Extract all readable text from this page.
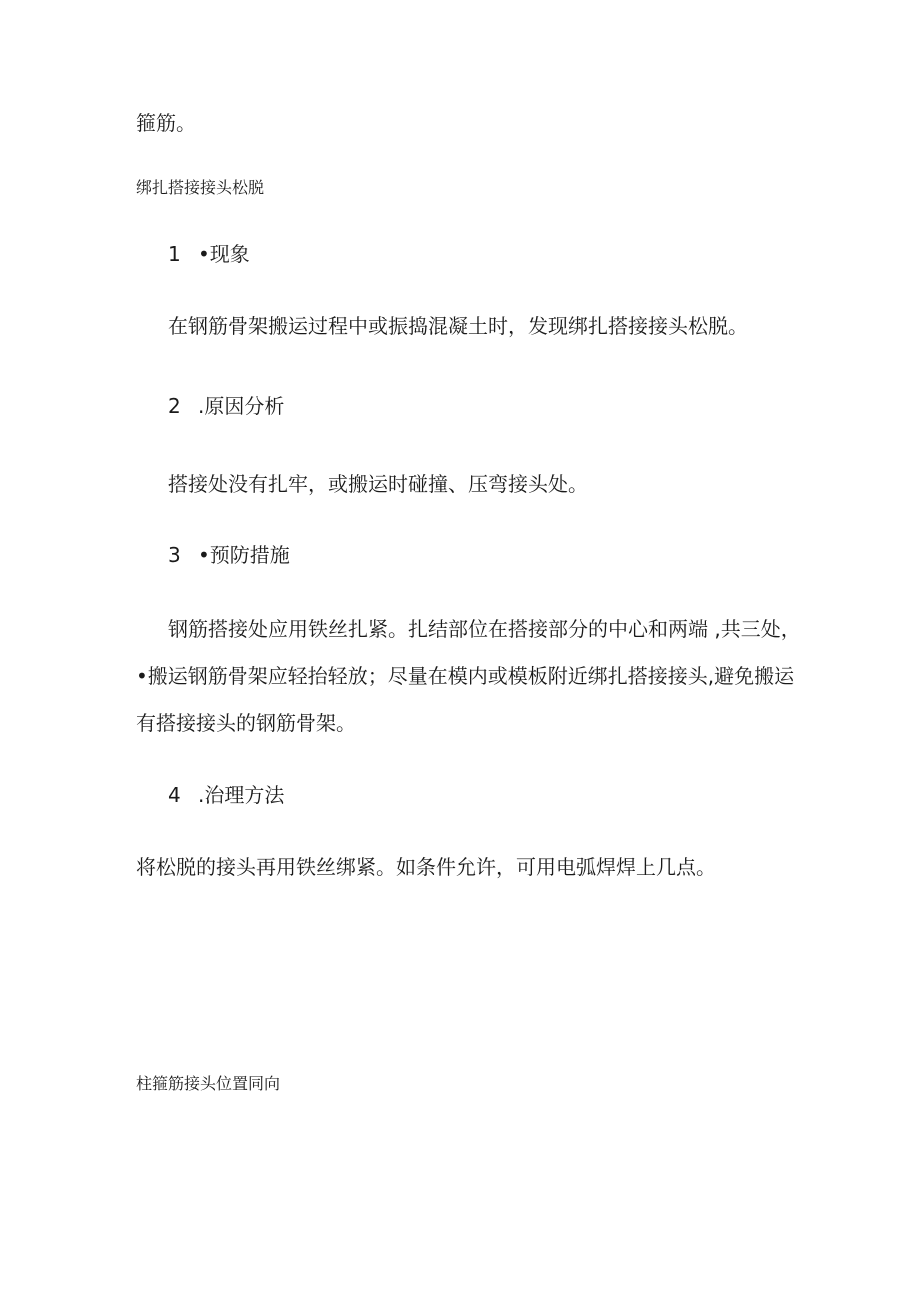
箍筋。
绑扎搭接接头松脱
1 •现象
在钢筋骨架搬运过程中或振捣混凝土时，发现绑扎搭接接头松脱。
2 .原因分析
搭接处没有扎牢，或搬运时碰撞、压弯接头处。
3 •预防措施
钢筋搭接处应用铁丝扎紧。扎结部位在搭接部分的中心和两端 ,共三处，
•搬运钢筋骨架应轻抬轻放；尽量在模内或模板附近绑扎搭接接头,避免搬运
有搭接接头的钢筋骨架。
4 .治理方法
将松脱的接头再用铁丝绑紧。如条件允许，可用电弧焊焊上几点。
柱箍筋接头位置同向
